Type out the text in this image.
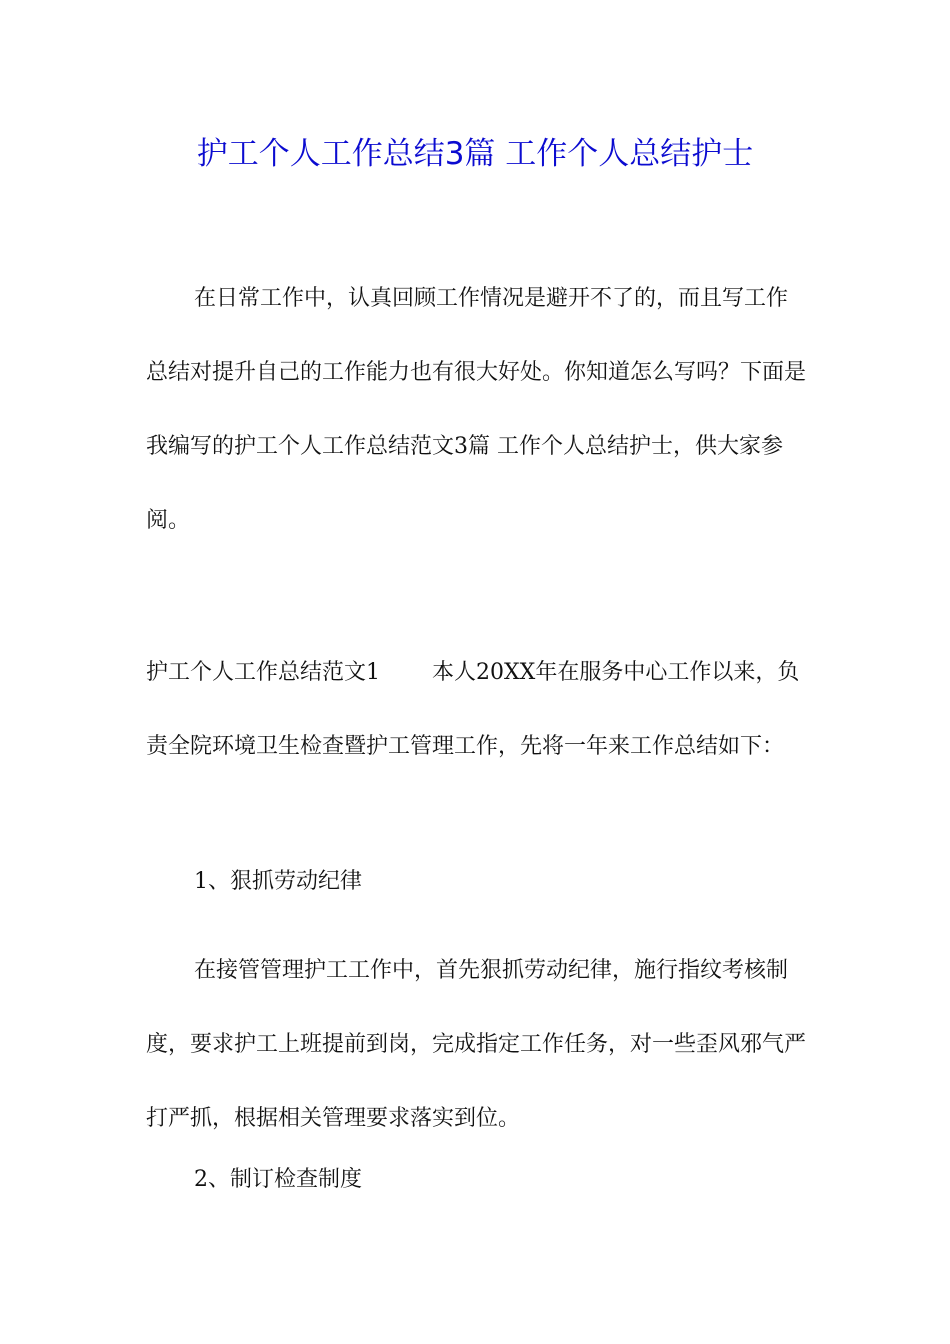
护工个人工作总结3篇 工作个人总结护士
在日常工作中，认真回顾工作情况是避开不了的，而且写工作总结对提升自己的工作能力也有很大好处。你知道怎么写吗？下面是我编写的护工个人工作总结范文3篇 工作个人总结护士，供大家参阅。
护工个人工作总结范文1 本人20XX年在服务中心工作以来，负责全院环境卫生检查暨护工管理工作，先将一年来工作总结如下：
1、狠抓劳动纪律
在接管管理护工工作中，首先狠抓劳动纪律，施行指纹考核制度，要求护工上班提前到岗，完成指定工作任务，对一些歪风邪气严打严抓，根据相关管理要求落实到位。
2、制订检查制度
